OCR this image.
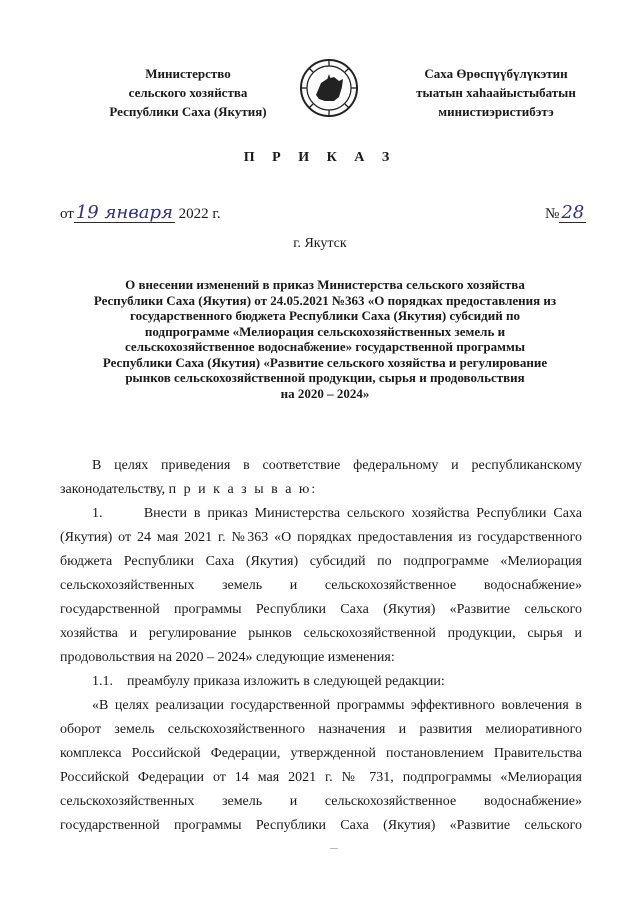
Министерство
сельского хозяйства
Республики Саха (Якутия)
Саха Өрөспүүбүлүкэтин
тыатын хаһаайыстыбатын
министиэристибэтэ
П Р И К А З
от 19 января 2022 г.	№ 28
г. Якутск
О внесении изменений в приказ Министерства сельского хозяйства
Республики Саха (Якутия) от 24.05.2021 №363 «О порядках предоставления из
государственного бюджета Республики Саха (Якутия) субсидий по
подпрограмме «Мелиорация сельскохозяйственных земель и
сельскохозяйственное водоснабжение» государственной программы
Республики Саха (Якутия) «Развитие сельского хозяйства и регулирование
рынков сельскохозяйственной продукции, сырья и продовольствия
на 2020 – 2024»
В целях приведения в соответствие федеральному и республиканскому
законодательству, п р и к а з ы в а ю:
1.	Внести в приказ Министерства сельского хозяйства Республики Саха
(Якутия) от 24 мая 2021 г. №363 «О порядках предоставления из государственного
бюджета Республики Саха (Якутия) субсидий по подпрограмме «Мелиорация
сельскохозяйственных земель и сельскохозяйственное водоснабжение»
государственной программы Республики Саха (Якутия) «Развитие сельского
хозяйства и регулирование рынков сельскохозяйственной продукции, сырья и
продовольствия на 2020 – 2024» следующие изменения:
1.1. преамбулу приказа изложить в следующей редакции:
«В целях реализации государственной программы эффективного вовлечения в
оборот земель сельскохозяйственного назначения и развития мелиоративного
комплекса Российской Федерации, утвержденной постановлением Правительства
Российской Федерации от 14 мая 2021 г. № 731, подпрограммы «Мелиорация
сельскохозяйственных земель и сельскохозяйственное водоснабжение»
государственной программы Республики Саха (Якутия) «Развитие сельского
